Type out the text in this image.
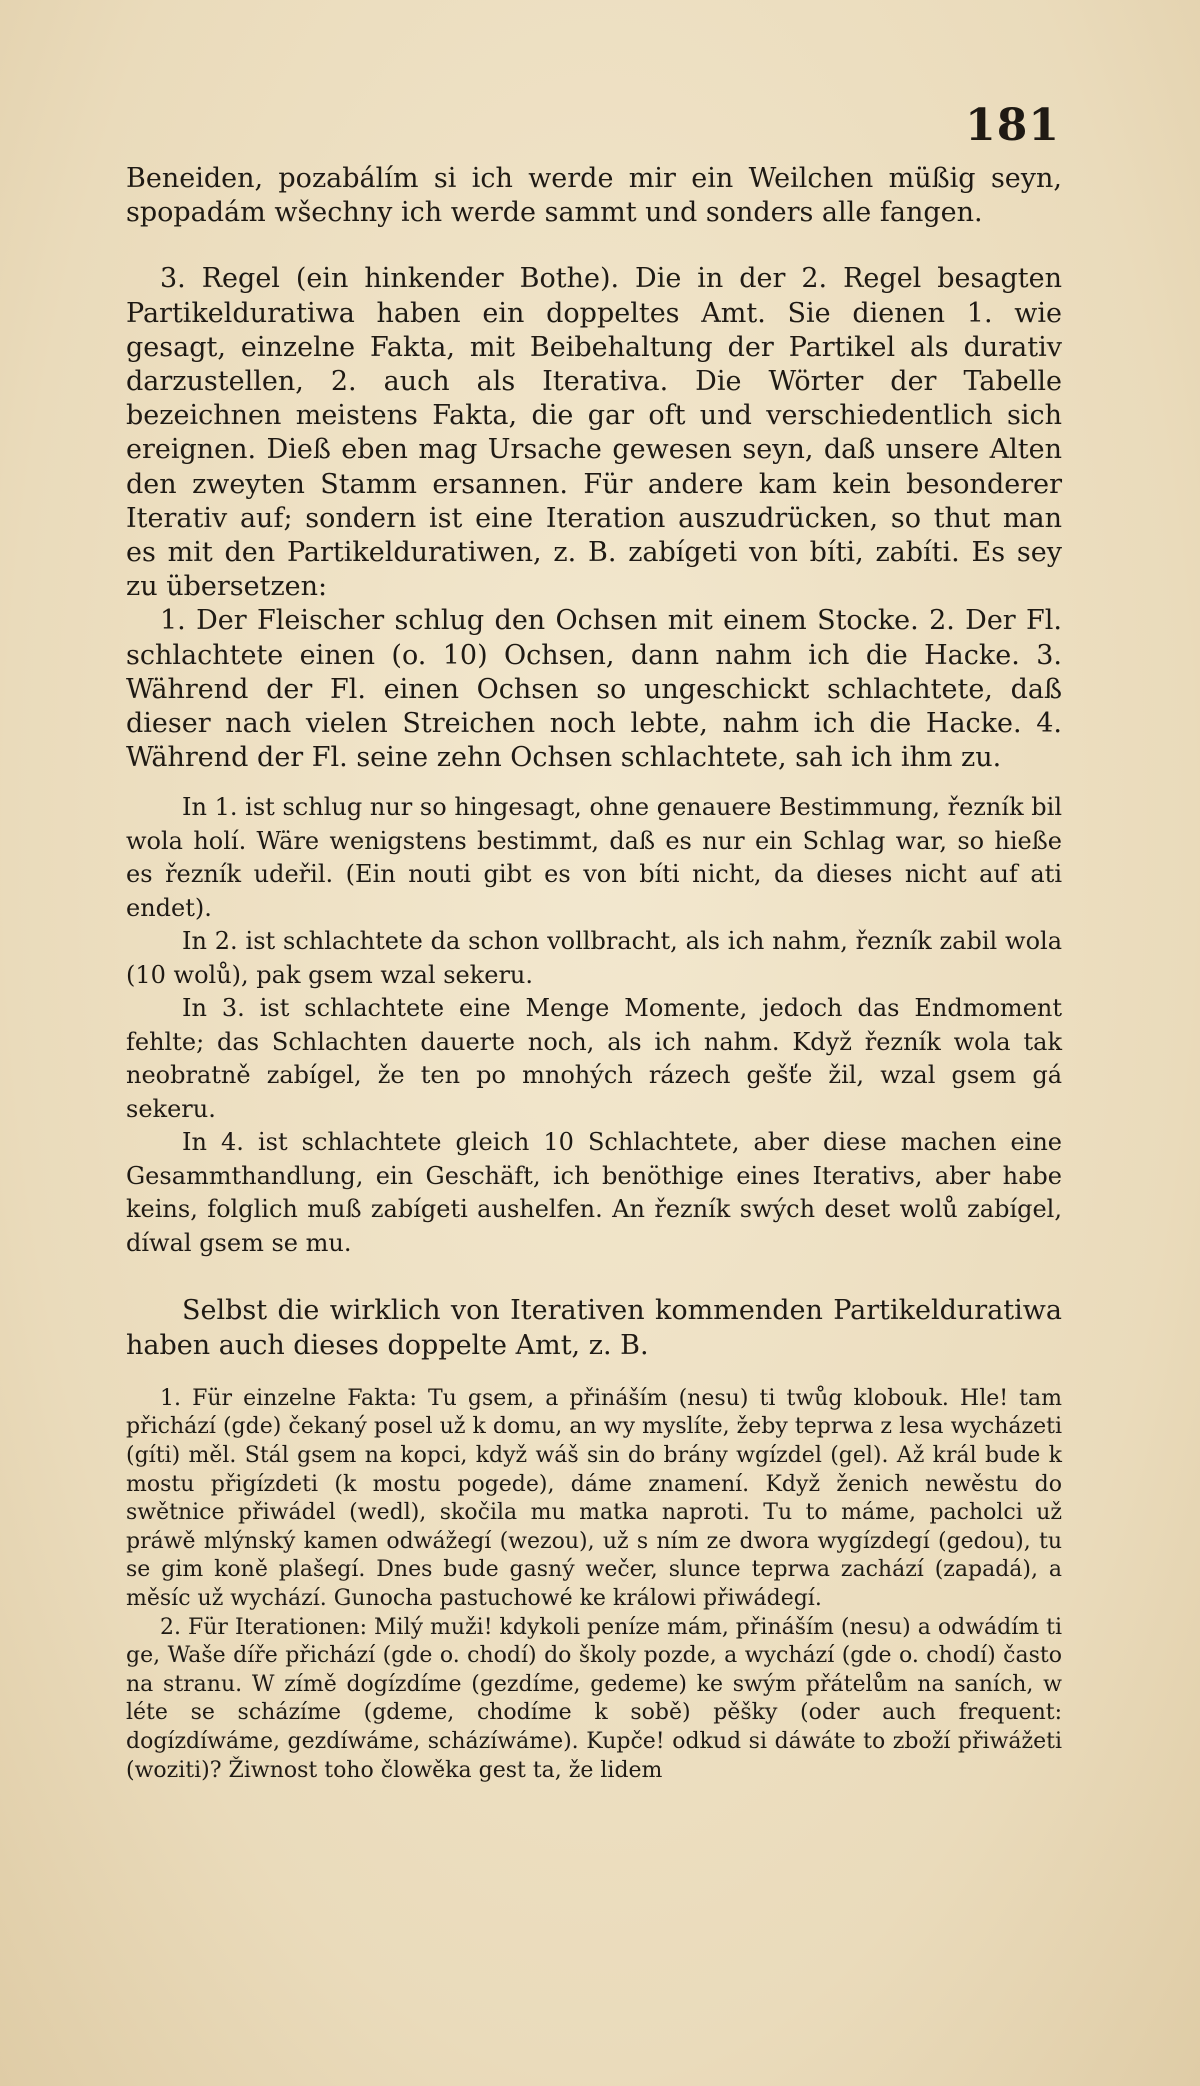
181

Beneiden, pozabálím si ich werde mir ein Weilchen müßig seyn, spopadám wšechny ich werde sammt und sonders alle fangen.

3. Regel (ein hinkender Bothe). Die in der 2. Regel besagten Partikelduratiwa haben ein doppeltes Amt. Sie dienen 1. wie gesagt, einzelne Fakta, mit Beibehaltung der Partikel als durativ darzustellen, 2. auch als Iterativa. Die Wörter der Tabelle bezeichnen meistens Fakta, die gar oft und verschiedentlich sich ereignen. Dieß eben mag Ursache gewesen seyn, daß unsere Alten den zweyten Stamm ersannen. Für andere kam kein besonderer Iterativ auf; sondern ist eine Iteration auszudrücken, so thut man es mit den Partikelduratiwen, z. B. zabígeti von bíti, zabíti. Es sey zu übersetzen:

1. Der Fleischer schlug den Ochsen mit einem Stocke. 2. Der Fl. schlachtete einen (o. 10) Ochsen, dann nahm ich die Hacke. 3. Während der Fl. einen Ochsen so ungeschickt schlachtete, daß dieser nach vielen Streichen noch lebte, nahm ich die Hacke. 4. Während der Fl. seine zehn Ochsen schlachtete, sah ich ihm zu.

In 1. ist schlug nur so hingesagt, ohne genauere Bestimmung, řezník bil wola holí. Wäre wenigstens bestimmt, daß es nur ein Schlag war, so hieße es řezník udeřil. (Ein nouti gibt es von bíti nicht, da dieses nicht auf ati endet).

In 2. ist schlachtete da schon vollbracht, als ich nahm, řezník zabil wola (10 wolů), pak gsem wzal sekeru.

In 3. ist schlachtete eine Menge Momente, jedoch das Endmoment fehlte; das Schlachten dauerte noch, als ich nahm. Když řezník wola tak neobratně zabígel, že ten po mnohých rázech gešťe žil, wzal gsem gá sekeru.

In 4. ist schlachtete gleich 10 Schlachtete, aber diese machen eine Gesammthandlung, ein Geschäft, ich benöthige eines Iterativs, aber habe keins, folglich muß zabígeti aushelfen. An řezník swých deset wolů zabígel, díwal gsem se mu.

Selbst die wirklich von Iterativen kommenden Partikelduratiwa haben auch dieses doppelte Amt, z. B.

1. Für einzelne Fakta: Tu gsem, a přináším (nesu) ti twůg klobouk. Hle! tam přichází (gde) čekaný posel už k domu, an wy myslíte, žeby teprwa z lesa wycházeti (gíti) měl. Stál gsem na kopci, když wáš sin do brány wgízdel (gel). Až král bude k mostu přigízdeti (k mostu pogede), dáme znamení. Když ženich newěstu do swětnice přiwádel (wedl), skočila mu matka naproti. Tu to máme, pacholci už práwě mlýnský kamen odwážegí (wezou), už s ním ze dwora wygízdegí (gedou), tu se gim koně plašegí. Dnes bude gasný wečer, slunce teprwa zachází (zapadá), a měsíc už wychází. Gunocha pastuchowé ke králowi přiwádegí.

2. Für Iterationen: Milý muži! kdykoli peníze mám, přináším (nesu) a odwádím ti ge, Waše díře přichází (gde o. chodí) do školy pozde, a wychází (gde o. chodí) často na stranu. W zímě dogízdíme (gezdíme, gedeme) ke swým přátelům na saních, w léte se scházíme (gdeme, chodíme k sobě) pěšky (oder auch frequent: dogízdíwáme, gezdíwáme, scházíwáme). Kupče! odkud si dáwáte to zboží přiwážeti (woziti)? Žiwnost toho člowěka gest ta, že lidem
